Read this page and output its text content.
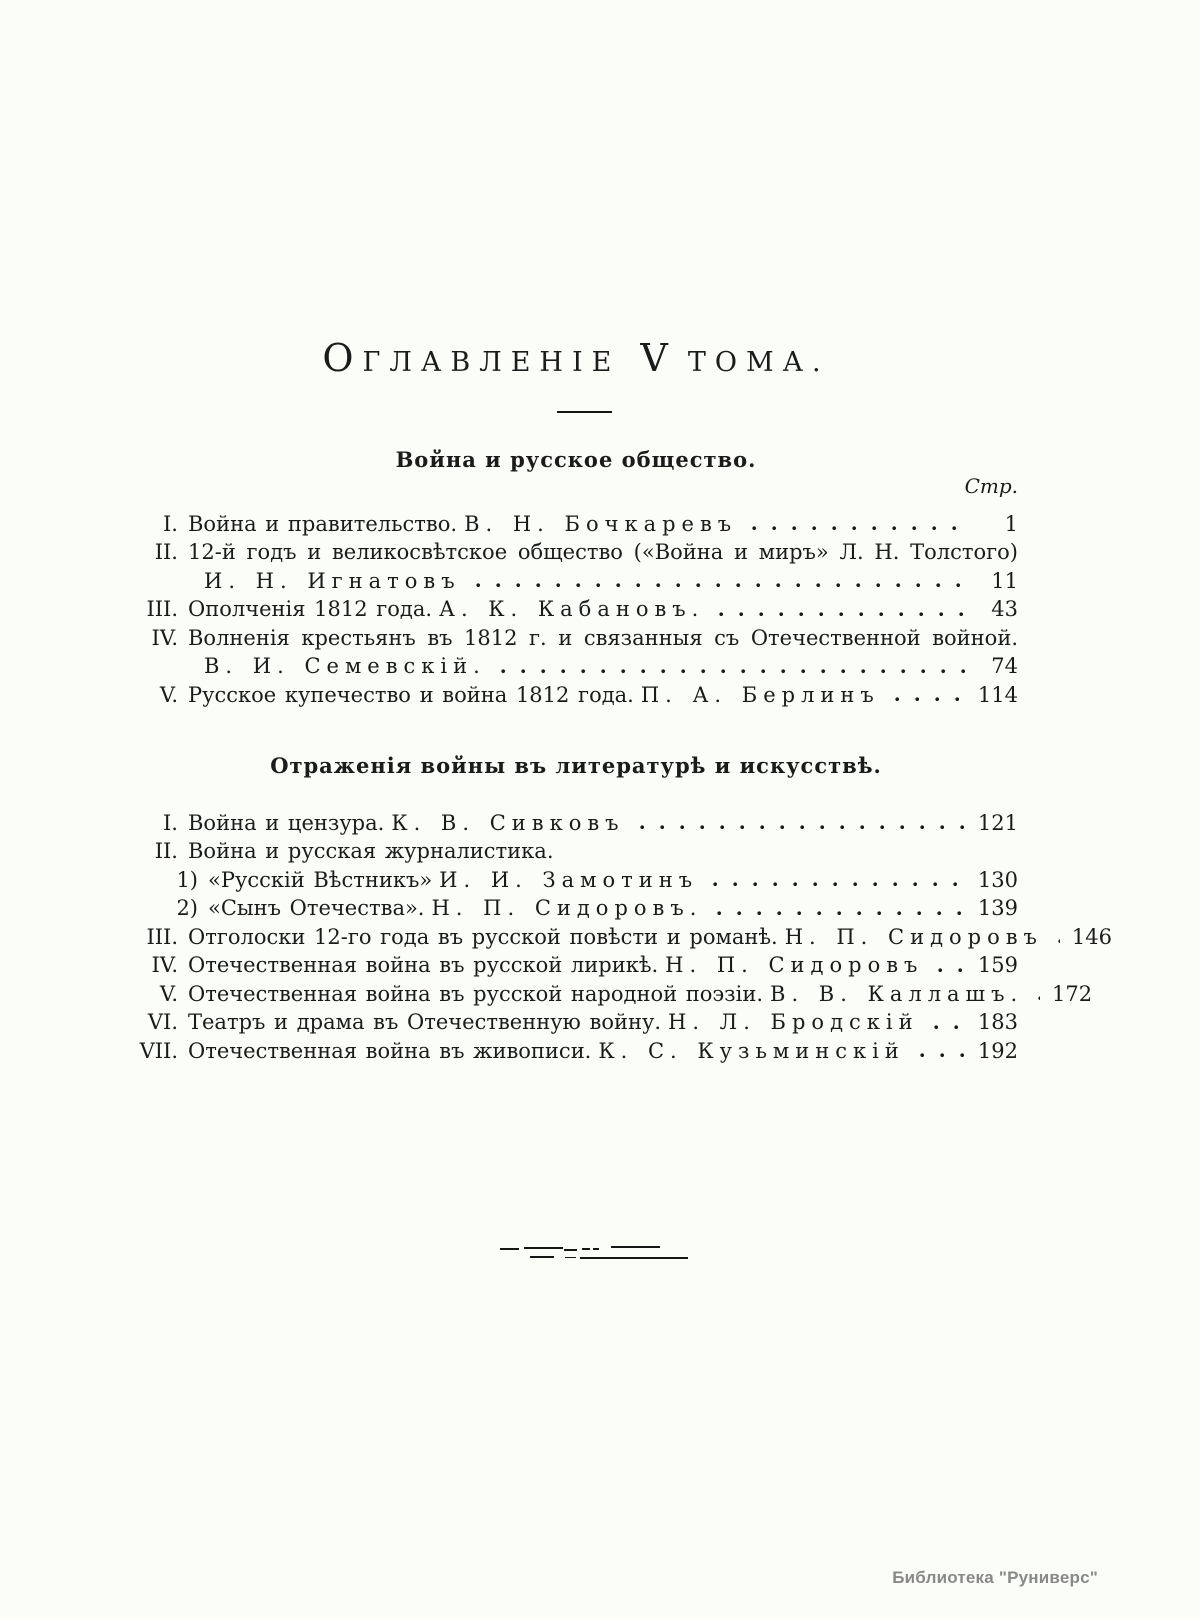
ОГЛАВЛЕНІЕ V ТОМА.
Война и русское общество.
Стр.
I. Война и правительство. В. Н. Бочкаревъ	1
II. 12-й годъ и великосвѣтское общество («Война и миръ» Л. Н. Толстого)
И. Н. Игнатовъ	11
III. Ополченія 1812 года. А. К. Кабановъ.	43
IV. Волненія крестьянъ въ 1812 г. и связанныя съ Отечественной войной.
В. И. Семевскій.	74
V. Русское купечество и война 1812 года. П. А. Берлинъ	114
Отраженія войны въ литературѣ и искусствѣ.
I. Война и цензура. К. В. Сивковъ	121
II. Война и русская журналистика.
1) «Русскій Вѣстникъ» И. И. Замотинъ	130
2) «Сынъ Отечества». Н. П. Сидоровъ.	139
III. Отголоски 12-го года въ русской повѣсти и романѣ. Н. П. Сидоровъ 146
IV. Отечественная война въ русской лирикѣ. Н. П. Сидоровъ	159
V. Отечественная война въ русской народной поэзіи. В. В. Каллашъ. 172
VI. Театръ и драма въ Отечественную войну. Н. Л. Бродскій	183
VII. Отечественная война въ живописи. К. С. Кузьминскій	192
Библиотека "Руниверс"
